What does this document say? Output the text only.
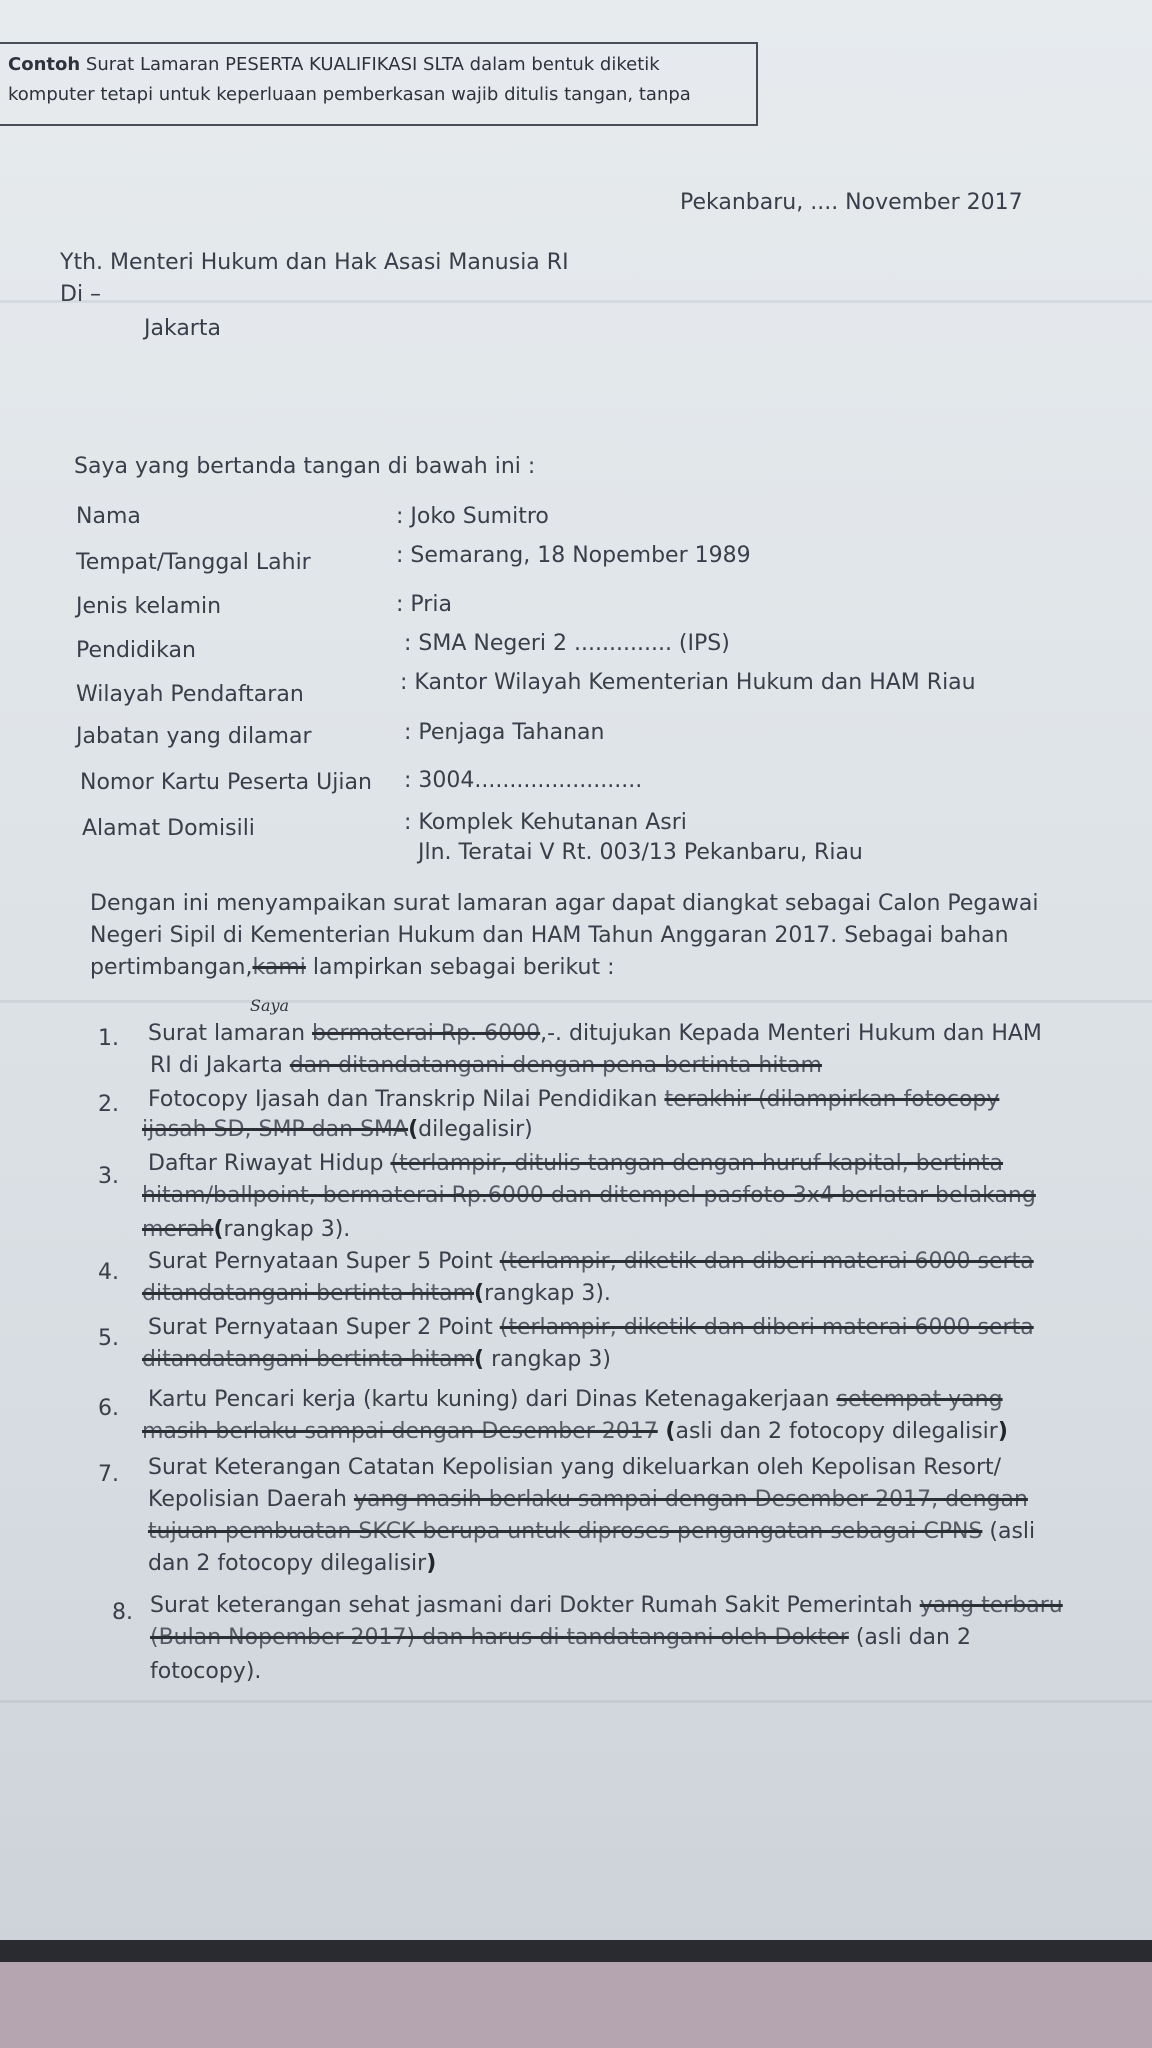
Contoh Surat Lamaran PESERTA KUALIFIKASI SLTA dalam bentuk diketik
komputer tetapi untuk keperluaan pemberkasan wajib ditulis tangan, tanpa
Pekanbaru, .... November 2017
Yth. Menteri Hukum dan Hak Asasi Manusia RI
Di –
Jakarta
Saya yang bertanda tangan di bawah ini :
Nama	: Joko Sumitro
Tempat/Tanggal Lahir	: Semarang, 18 Nopember 1989
Jenis kelamin	: Pria
Pendidikan	: SMA Negeri 2 .............. (IPS)
Wilayah Pendaftaran	: Kantor Wilayah Kementerian Hukum dan HAM Riau
Jabatan yang dilamar	: Penjaga Tahanan
Nomor Kartu Peserta Ujian : 3004........................
Alamat Domisili	: Komplek Kehutanan Asri
Jln. Teratai V Rt. 003/13 Pekanbaru, Riau
Dengan ini menyampaikan surat lamaran agar dapat diangkat sebagai Calon Pegawai
Negeri Sipil di Kementerian Hukum dan HAM Tahun Anggaran 2017. Sebagai bahan
pertimbangan,kami lampirkan sebagai berikut :
Saya
1. Surat lamaran bermaterai Rp. 6000,-. ditujukan Kepada Menteri Hukum dan HAM
RI di Jakarta dan ditandatangani dengan pena bertinta hitam
2. Fotocopy Ijasah dan Transkrip Nilai Pendidikan terakhir (dilampirkan fotocopy
ijasah SD, SMP dan SMA(dilegalisir)
3.
Daftar Riwayat Hidup (terlampir, ditulis tangan dengan huruf kapital, bertinta
hitam/ballpoint, bermaterai Rp.6000 dan ditempel pasfoto 3x4 berlatar belakang
merah(rangkap 3).
4. Surat Pernyataan Super 5 Point (terlampir, diketik dan diberi materai 6000 serta
ditandatangani bertinta hitam(rangkap 3).
5. Surat Pernyataan Super 2 Point (terlampir, diketik dan diberi materai 6000 serta
ditandatangani bertinta hitam( rangkap 3)
6. Kartu Pencari kerja (kartu kuning) dari Dinas Ketenagakerjaan setempat yang
masih berlaku sampai dengan Desember 2017 (asli dan 2 fotocopy dilegalisir)
7. Surat Keterangan Catatan Kepolisian yang dikeluarkan oleh Kepolisan Resort/
Kepolisian Daerah yang masih berlaku sampai dengan Desember 2017, dengan
tujuan pembuatan SKCK berupa untuk diproses pengangatan sebagai CPNS (asli
dan 2 fotocopy dilegalisir)
8. Surat keterangan sehat jasmani dari Dokter Rumah Sakit Pemerintah yang terbaru
(Bulan Nopember 2017) dan harus di tandatangani oleh Dokter (asli dan 2
fotocopy).
